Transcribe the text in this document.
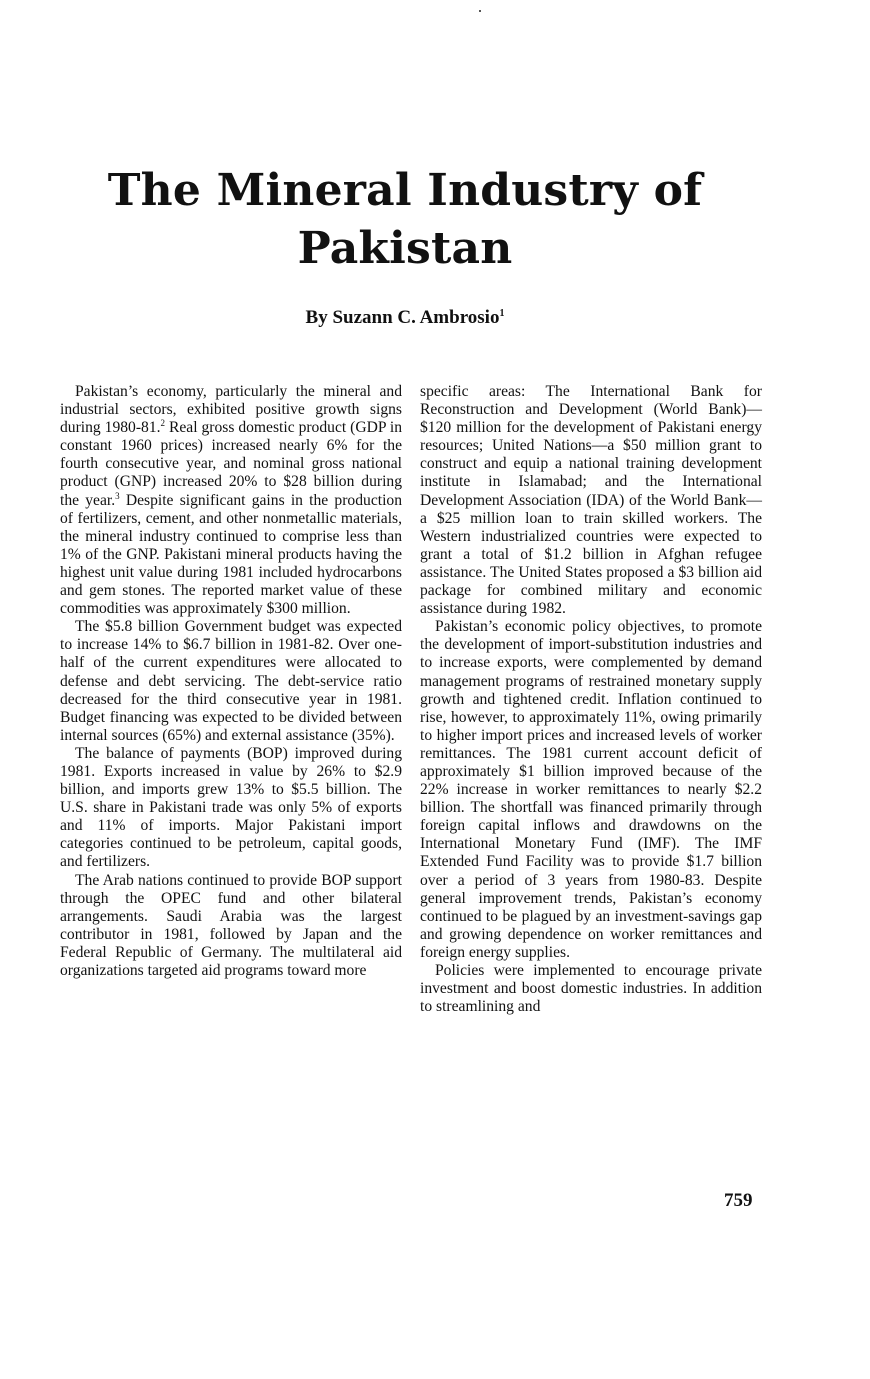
The Mineral Industry of
Pakistan

By Suzann C. Ambrosio$^1$

Pakistan’s economy, particularly the mineral and industrial sectors, exhibited positive growth signs during 1980-81.$^2$ Real gross domestic product (GDP in constant 1960 prices) increased nearly 6% for the fourth consecutive year, and nominal gross national product (GNP) increased 20% to $28 billion during the year.$^3$ Despite significant gains in the production of fertilizers, cement, and other nonmetallic materials, the mineral industry continued to comprise less than 1% of the GNP. Pakistani mineral products having the highest unit value during 1981 included hydrocarbons and gem stones. The reported market value of these commodities was approximately $300 million.

The $5.8 billion Government budget was expected to increase 14% to $6.7 billion in 1981-82. Over one-half of the current expenditures were allocated to defense and debt servicing. The debt-service ratio decreased for the third consecutive year in 1981. Budget financing was expected to be divided between internal sources (65%) and external assistance (35%).

The balance of payments (BOP) improved during 1981. Exports increased in value by 26% to $2.9 billion, and imports grew 13% to $5.5 billion. The U.S. share in Pakistani trade was only 5% of exports and 11% of imports. Major Pakistani import categories continued to be petroleum, capital goods, and fertilizers.

The Arab nations continued to provide BOP support through the OPEC fund and other bilateral arrangements. Saudi Arabia was the largest contributor in 1981, followed by Japan and the Federal Republic of Germany. The multilateral aid organizations targeted aid programs toward more

specific areas: The International Bank for Reconstruction and Development (World Bank)—$120 million for the development of Pakistani energy resources; United Nations—a $50 million grant to construct and equip a national training development institute in Islamabad; and the International Development Association (IDA) of the World Bank—a $25 million loan to train skilled workers. The Western industrialized countries were expected to grant a total of $1.2 billion in Afghan refugee assistance. The United States proposed a $3 billion aid package for combined military and economic assistance during 1982.

Pakistan’s economic policy objectives, to promote the development of import-substitution industries and to increase exports, were complemented by demand management programs of restrained monetary supply growth and tightened credit. Inflation continued to rise, however, to approximately 11%, owing primarily to higher import prices and increased levels of worker remittances. The 1981 current account deficit of approximately $1 billion improved because of the 22% increase in worker remittances to nearly $2.2 billion. The shortfall was financed primarily through foreign capital inflows and drawdowns on the International Monetary Fund (IMF). The IMF Extended Fund Facility was to provide $1.7 billion over a period of 3 years from 1980-83. Despite general improvement trends, Pakistan’s economy continued to be plagued by an investment-savings gap and growing dependence on worker remittances and foreign energy supplies.

Policies were implemented to encourage private investment and boost domestic industries. In addition to streamlining and

759
